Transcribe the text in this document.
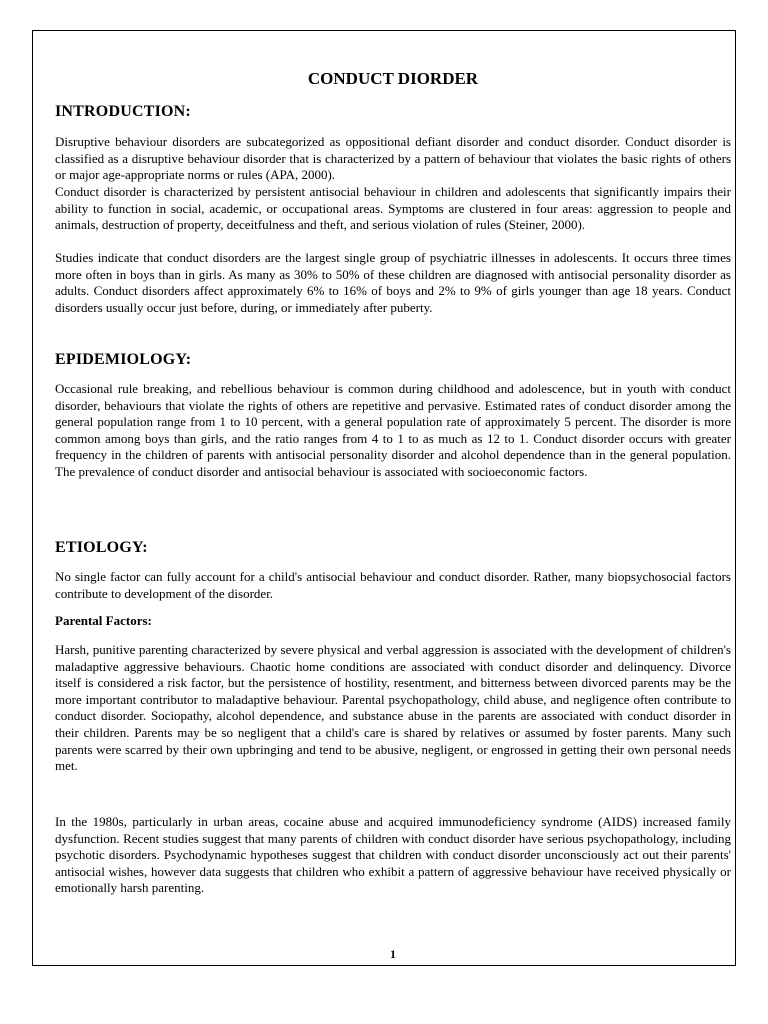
CONDUCT DIORDER
INTRODUCTION:
Disruptive behaviour disorders are subcategorized as oppositional defiant disorder and conduct disorder. Conduct disorder is classified as a disruptive behaviour disorder that is characterized by a pattern of behaviour that violates the basic rights of others or major age-appropriate norms or rules (APA, 2000).
Conduct disorder is characterized by persistent antisocial behaviour in children and adolescents that significantly impairs their ability to function in social, academic, or occupational areas. Symptoms are clustered in four areas: aggression to people and animals, destruction of property, deceitfulness and theft, and serious violation of rules (Steiner, 2000).
Studies indicate that conduct disorders are the largest single group of psychiatric illnesses in adolescents. It occurs three times more often in boys than in girls. As many as 30% to 50% of these children are diagnosed with antisocial personality disorder as adults. Conduct disorders affect approximately 6% to 16% of boys and 2% to 9% of girls younger than age 18 years. Conduct disorders usually occur just before, during, or immediately after puberty.
EPIDEMIOLOGY:
Occasional rule breaking, and rebellious behaviour is common during childhood and adolescence, but in youth with conduct disorder, behaviours that violate the rights of others are repetitive and pervasive. Estimated rates of conduct disorder among the general population range from 1 to 10 percent, with a general population rate of approximately 5 percent. The disorder is more common among boys than girls, and the ratio ranges from 4 to 1 to as much as 12 to 1. Conduct disorder occurs with greater frequency in the children of parents with antisocial personality disorder and alcohol dependence than in the general population. The prevalence of conduct disorder and antisocial behaviour is associated with socioeconomic factors.
ETIOLOGY:
No single factor can fully account for a child's antisocial behaviour and conduct disorder. Rather, many biopsychosocial factors contribute to development of the disorder.
Parental Factors:
Harsh, punitive parenting characterized by severe physical and verbal aggression is associated with the development of children's maladaptive aggressive behaviours. Chaotic home conditions are associated with conduct disorder and delinquency. Divorce itself is considered a risk factor, but the persistence of hostility, resentment, and bitterness between divorced parents may be the more important contributor to maladaptive behaviour. Parental psychopathology, child abuse, and negligence often contribute to conduct disorder. Sociopathy, alcohol dependence, and substance abuse in the parents are associated with conduct disorder in their children. Parents may be so negligent that a child's care is shared by relatives or assumed by foster parents. Many such parents were scarred by their own upbringing and tend to be abusive, negligent, or engrossed in getting their own personal needs met.
In the 1980s, particularly in urban areas, cocaine abuse and acquired immunodeficiency syndrome (AIDS) increased family dysfunction. Recent studies suggest that many parents of children with conduct disorder have serious psychopathology, including psychotic disorders. Psychodynamic hypotheses suggest that children with conduct disorder unconsciously act out their parents' antisocial wishes, however data suggests that children who exhibit a pattern of aggressive behaviour have received physically or emotionally harsh parenting.
1
